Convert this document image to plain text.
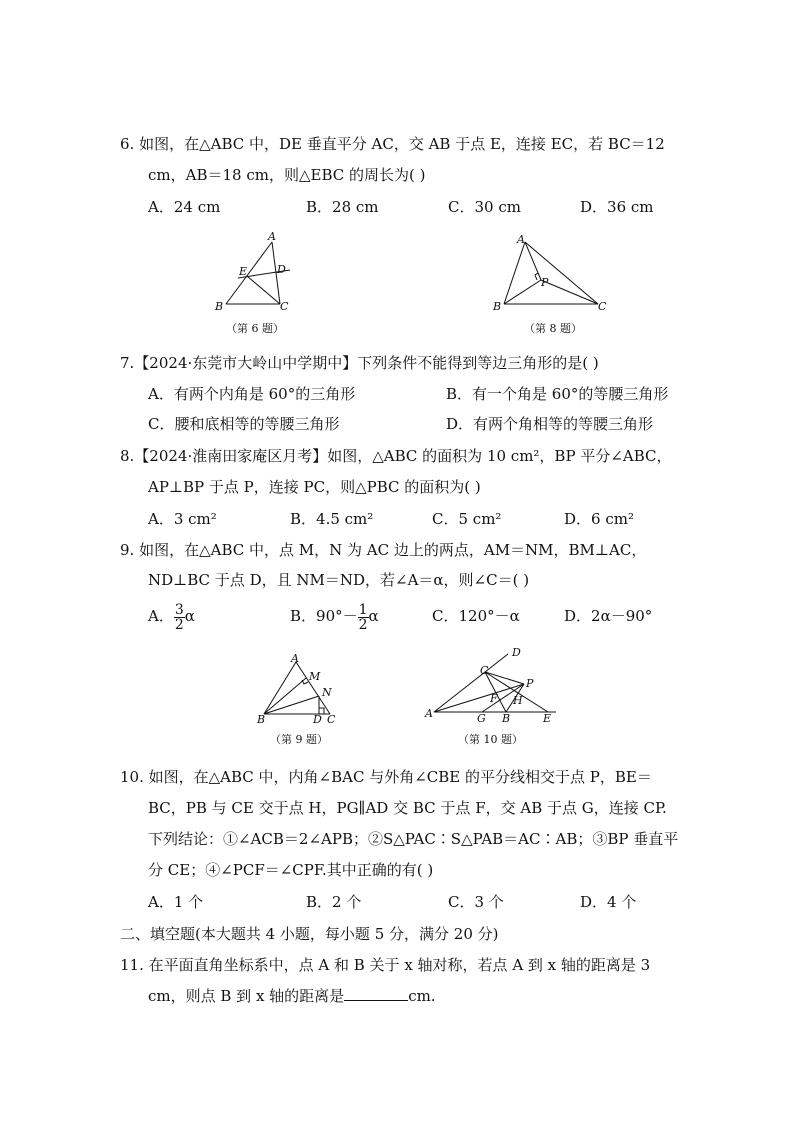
6. 如图，在△ABC 中，DE 垂直平分 AC，交 AB 于点 E，连接 EC，若 BC＝12
cm，AB＝18 cm，则△EBC 的周长为( )
A．24 cm	B．28 cm	C．30 cm	D．36 cm
A
E	D
B	C
（第 6 题）
A
P
B	C
（第 8 题）
7.【2024·东莞市大岭山中学期中】下列条件不能得到等边三角形的是( )
A．有两个内角是 60°的三角形	B．有一个角是 60°的等腰三角形
C．腰和底相等的等腰三角形	D．有两个角相等的等腰三角形
8.【2024·淮南田家庵区月考】如图，△ABC 的面积为 10 cm²，BP 平分∠ABC，
AP⊥BP 于点 P，连接 PC，则△PBC 的面积为( )
A．3 cm²	B．4.5 cm²	C．5 cm²	D．6 cm²
9. 如图，在△ABC 中，点 M，N 为 AC 边上的两点，AM＝NM，BM⊥AC，
ND⊥BC 于点 D，且 NM＝ND，若∠A＝α，则∠C＝( )
A． $\frac{3}{2}$ α	B．$90^\circ- \frac{1}{2}$ α	C．120°－α	D．2α－90°
A
M
N
B	D C
（第 9 题）
D
C
P
F H
A	G B	E
（第 10 题）
10. 如图，在△ABC 中，内角∠BAC 与外角∠CBE 的平分线相交于点 P，BE＝
BC，PB 与 CE 交于点 H，PG∥AD 交 BC 于点 F，交 AB 于点 G，连接 CP.
下列结论：①∠ACB＝2∠APB；②S△PAC∶S△PAB＝AC∶AB；③BP 垂直平
分 CE；④∠PCF＝∠CPF.其中正确的有( )
A．1 个	B．2 个	C．3 个	D．4 个
二、填空题(本大题共 4 小题，每小题 5 分，满分 20 分)
11. 在平面直角坐标系中，点 A 和 B 关于 x 轴对称，若点 A 到 x 轴的距离是 3
cm，则点 B 到 x 轴的距离是	cm.
